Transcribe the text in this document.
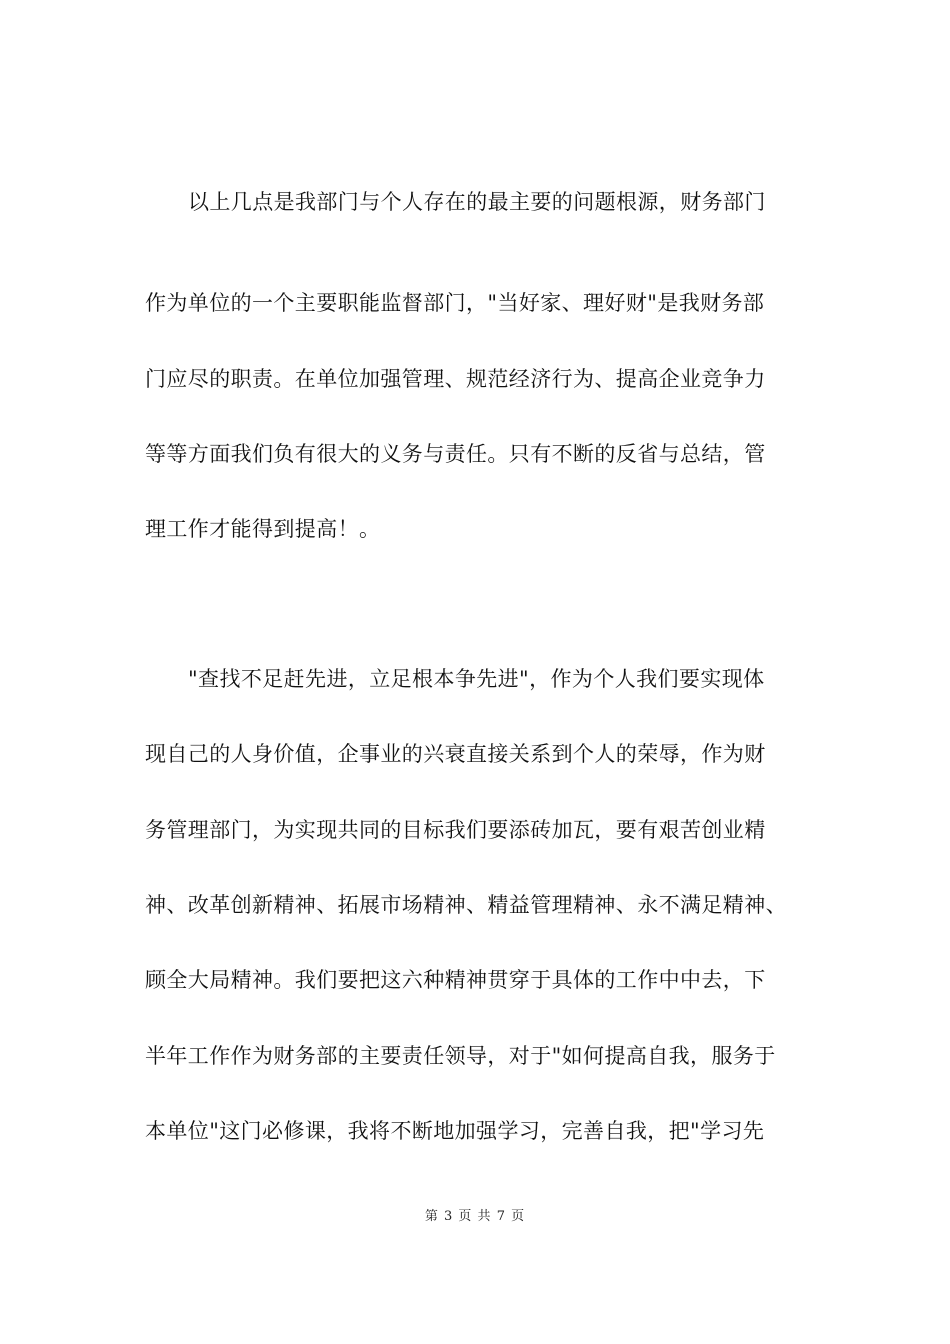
以上几点是我部门与个人存在的最主要的问题根源，财务部门
作为单位的一个主要职能监督部门，"当好家、理好财"是我财务部
门应尽的职责。在单位加强管理、规范经济行为、提高企业竞争力
等等方面我们负有很大的义务与责任。只有不断的反省与总结，管
理工作才能得到提高！。
"查找不足赶先进，立足根本争先进"，作为个人我们要实现体
现自己的人身价值，企事业的兴衰直接关系到个人的荣辱，作为财
务管理部门，为实现共同的目标我们要添砖加瓦，要有艰苦创业精
神、改革创新精神、拓展市场精神、精益管理精神、永不满足精神、
顾全大局精神。我们要把这六种精神贯穿于具体的工作中中去，下
半年工作作为财务部的主要责任领导，对于"如何提高自我，服务于
本单位"这门必修课，我将不断地加强学习，完善自我，把"学习先
第 3 页 共 7 页
